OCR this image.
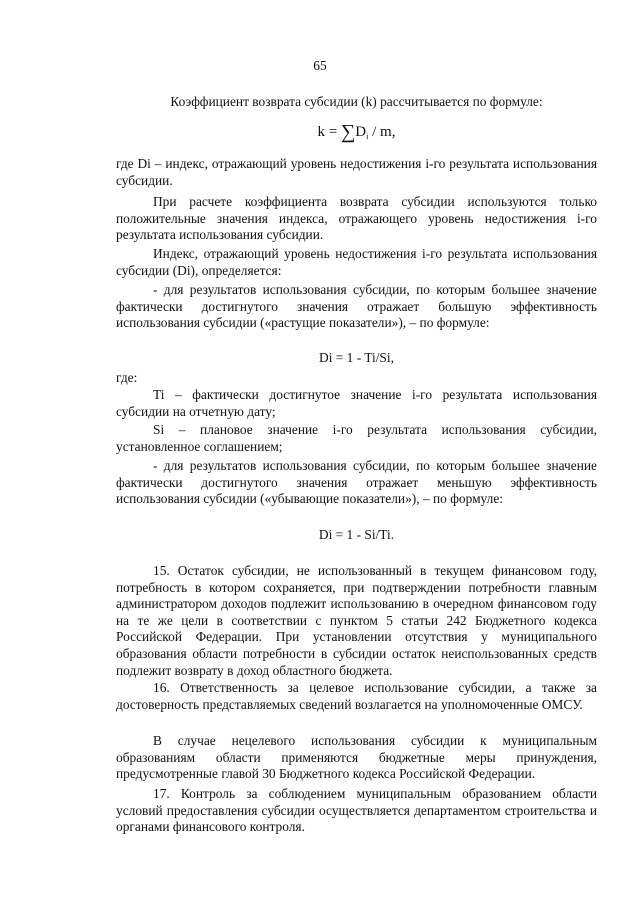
65

Коэффициент возврата субсидии (k) рассчитывается по формуле:

$k = \sum D_i / m$,

где Di – индекс, отражающий уровень недостижения i-го результата использования субсидии.

При расчете коэффициента возврата субсидии используются только положительные значения индекса, отражающего уровень недостижения i-го результата использования субсидии.

Индекс, отражающий уровень недостижения i-го результата использования субсидии (Di), определяется:

- для результатов использования субсидии, по которым большее значение фактически достигнутого значения отражает большую эффективность использования субсидии («растущие показатели»), – по формуле:

Di = 1 - Ti/Si,
где:

Ti – фактически достигнутое значение i-го результата использования субсидии на отчетную дату;

Si – плановое значение i-го результата использования субсидии, установленное соглашением;

- для результатов использования субсидии, по которым большее значение фактически достигнутого значения отражает меньшую эффективность использования субсидии («убывающие показатели»), – по формуле:

Di = 1 - Si/Ti.

15. Остаток субсидии, не использованный в текущем финансовом году, потребность в котором сохраняется, при подтверждении потребности главным администратором доходов подлежит использованию в очередном финансовом году на те же цели в соответствии с пунктом 5 статьи 242 Бюджетного кодекса Российской Федерации. При установлении отсутствия у муниципального образования области потребности в субсидии остаток неиспользованных средств подлежит возврату в доход областного бюджета.

16. Ответственность за целевое использование субсидии, а также за достоверность представляемых сведений возлагается на уполномоченные ОМСУ.

В случае нецелевого использования субсидии к муниципальным образованиям области применяются бюджетные меры принуждения, предусмотренные главой 30 Бюджетного кодекса Российской Федерации.

17. Контроль за соблюдением муниципальным образованием области условий предоставления субсидии осуществляется департаментом строительства и органами финансового контроля.
